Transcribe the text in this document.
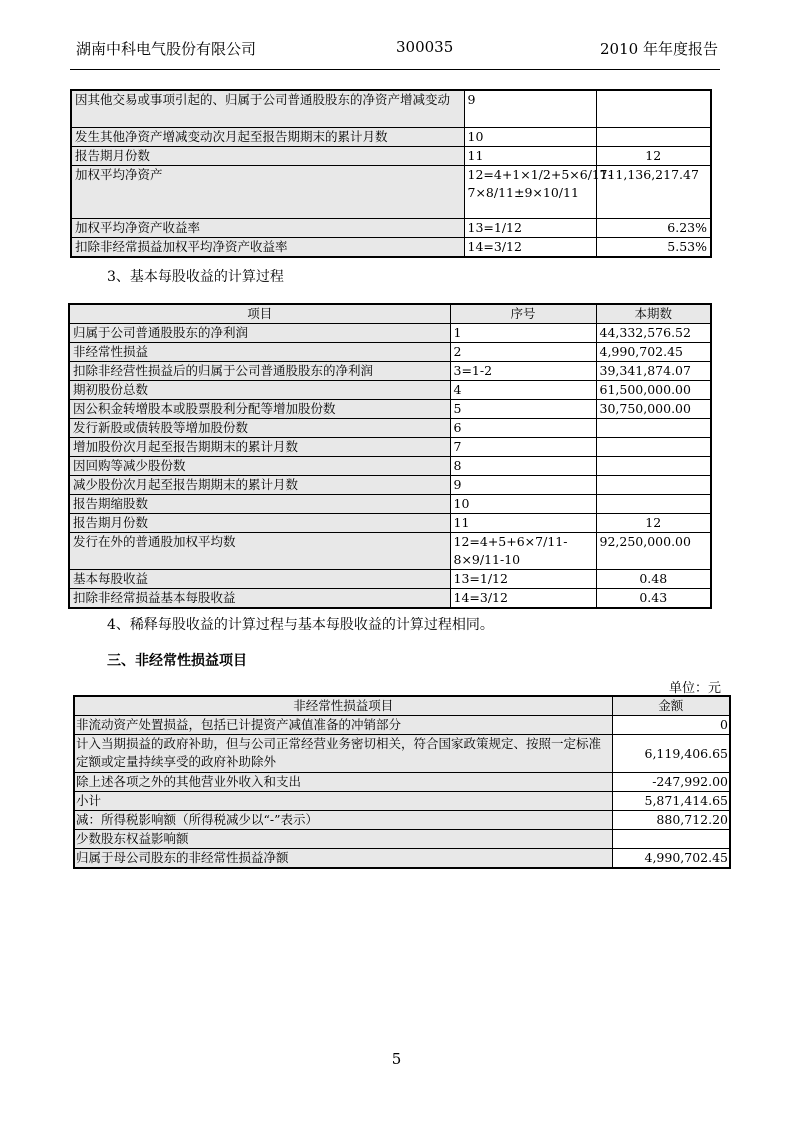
湖南中科电气股份有限公司	300035	2010 年年度报告
因其他交易或事项引起的、归属于公司普通股股东的净资产增减变动	9	
发生其他净资产增减变动次月起至报告期期末的累计月数	10	
报告期月份数	11	12
加权平均净资产	12=4+1×1/2+5×6/11-7×8/11±9×10/11	711,136,217.47
加权平均净资产收益率	13=1/12	6.23%
扣除非经常损益加权平均净资产收益率	14=3/12	5.53%
3、基本每股收益的计算过程
项目	序号	本期数
归属于公司普通股股东的净利润	1	44,332,576.52
非经常性损益	2	4,990,702.45
扣除非经营性损益后的归属于公司普通股股东的净利润	3=1-2	39,341,874.07
期初股份总数	4	61,500,000.00
因公积金转增股本或股票股利分配等增加股份数	5	30,750,000.00
发行新股或债转股等增加股份数	6	
增加股份次月起至报告期期末的累计月数	7	
因回购等减少股份数	8	
减少股份次月起至报告期期末的累计月数	9	
报告期缩股数	10	
报告期月份数	11	12
发行在外的普通股加权平均数	12=4+5+6×7/11-8×9/11-10	92,250,000.00
基本每股收益	13=1/12	0.48
扣除非经常损益基本每股收益	14=3/12	0.43
4、稀释每股收益的计算过程与基本每股收益的计算过程相同。
三、非经常性损益项目
单位：元
非经常性损益项目	金额
非流动资产处置损益，包括已计提资产减值准备的冲销部分	0
计入当期损益的政府补助，但与公司正常经营业务密切相关，符合国家政策规定、按照一定标准定额或定量持续享受的政府补助除外	6,119,406.65
除上述各项之外的其他营业外收入和支出	-247,992.00
小计	5,871,414.65
减：所得税影响额（所得税减少以“-”表示）	880,712.20
少数股东权益影响额	
归属于母公司股东的非经常性损益净额	4,990,702.45
5
